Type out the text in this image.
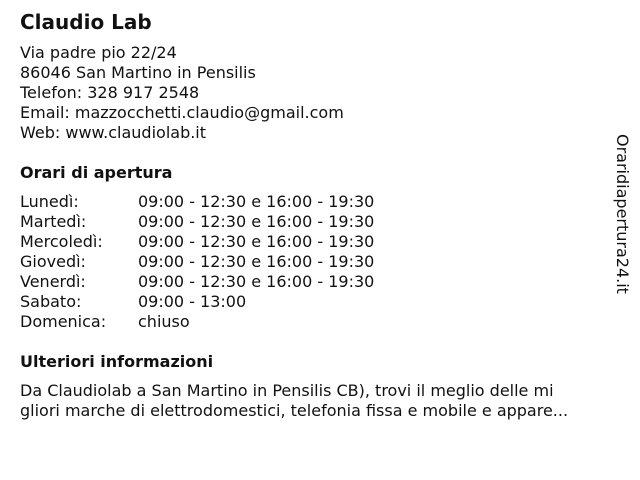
Claudio Lab
Via padre pio 22/24
86046 San Martino in Pensilis
Telefon: 328 917 2548
Email: mazzocchetti.claudio@gmail.com
Web: www.claudiolab.it
Orari di apertura
Lunedì:	09:00 - 12:30 e 16:00 - 19:30
Martedì:	09:00 - 12:30 e 16:00 - 19:30
Mercoledì:	09:00 - 12:30 e 16:00 - 19:30
Giovedì:	09:00 - 12:30 e 16:00 - 19:30
Venerdì:	09:00 - 12:30 e 16:00 - 19:30
Sabato:	09:00 - 13:00
Domenica:	chiuso
Ulteriori informazioni
Da Claudiolab a San Martino in Pensilis CB), trovi il meglio delle mi
gliori marche di elettrodomestici, telefonia fissa e mobile e appare...
Oraridiapertura24.it
